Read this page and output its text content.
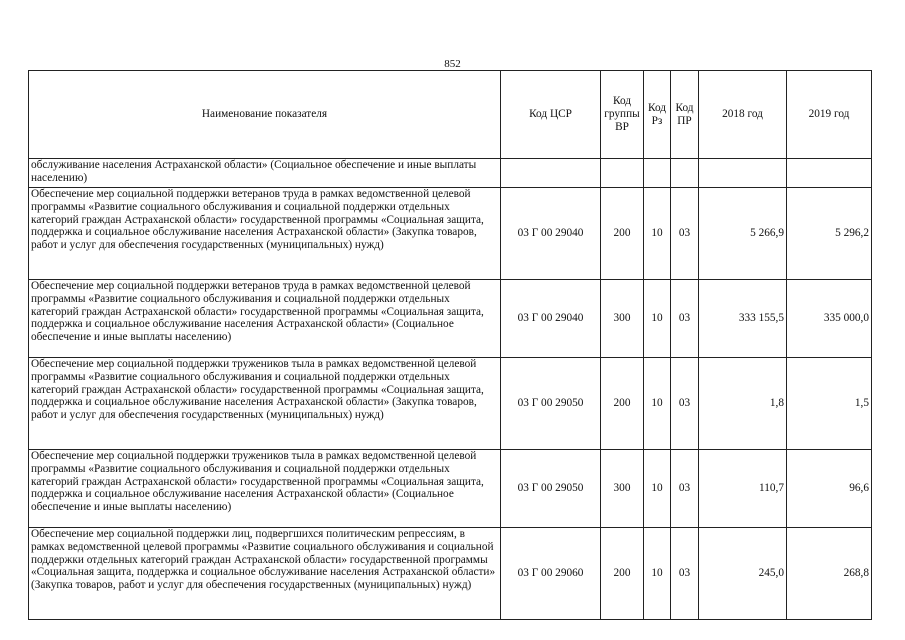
852
Наименование показателя	Код ЦСР	Код группы ВР	Код Рз	Код ПР	2018 год	2019 год
обслуживание населения Астраханской области» (Социальное обеспечение и иные выплаты населению)						
Обеспечение мер социальной поддержки ветеранов труда в рамках ведомственной целевой программы «Развитие социального обслуживания и социальной поддержки отдельных категорий граждан Астраханской области» государственной программы «Социальная защита, поддержка и социальное обслуживание населения Астраханской области» (Закупка товаров, работ и услуг для обеспечения государственных (муниципальных) нужд)	03 Г 00 29040	200	10	03	5 266,9	5 296,2
Обеспечение мер социальной поддержки ветеранов труда в рамках ведомственной целевой программы «Развитие социального обслуживания и социальной поддержки отдельных категорий граждан Астраханской области» государственной программы «Социальная защита, поддержка и социальное обслуживание населения Астраханской области» (Социальное обеспечение и иные выплаты населению)	03 Г 00 29040	300	10	03	333 155,5	335 000,0
Обеспечение мер социальной поддержки тружеников тыла в рамках ведомственной целевой программы «Развитие социального обслуживания и социальной поддержки отдельных категорий граждан Астраханской области» государственной программы «Социальная защита, поддержка и социальное обслуживание населения Астраханской области» (Закупка товаров, работ и услуг для обеспечения государственных (муниципальных) нужд)	03 Г 00 29050	200	10	03	1,8	1,5
Обеспечение мер социальной поддержки тружеников тыла в рамках ведомственной целевой программы «Развитие социального обслуживания и социальной поддержки отдельных категорий граждан Астраханской области» государственной программы «Социальная защита, поддержка и социальное обслуживание населения Астраханской области» (Социальное обеспечение и иные выплаты населению)	03 Г 00 29050	300	10	03	110,7	96,6
Обеспечение мер социальной поддержки лиц, подвергшихся политическим репрессиям, в рамках ведомственной целевой программы «Развитие социального обслуживания и социальной поддержки отдельных категорий граждан Астраханской области» государственной программы «Социальная защита, поддержка и социальное обслуживание населения Астраханской области» (Закупка товаров, работ и услуг для обеспечения государственных (муниципальных) нужд)	03 Г 00 29060	200	10	03	245,0	268,8
